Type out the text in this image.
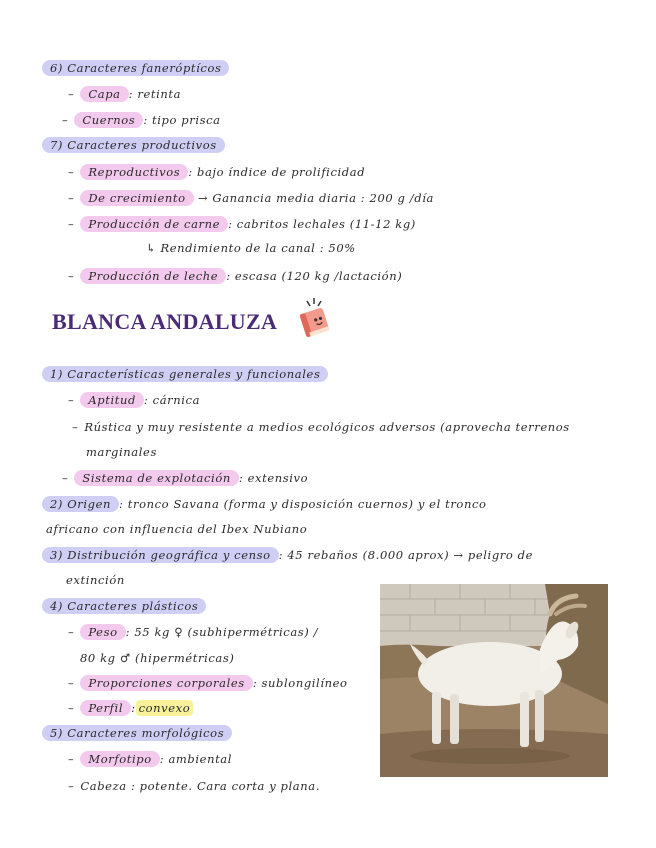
6) Caracteres faneróptícos
– Capa : retinta
– Cuernos : tipo prisca
7) Caracteres productivos
– Reproductivos : bajo índice de prolificidad
– De crecimiento → Ganancia media diaria : 200 g /día
– Producción de carne : cabritos lechales (11-12 kg)
↳ Rendimiento de la canal : 50%
– Producción de leche : escasa (120 kg /lactación)
BLANCA ANDALUZA
1) Características generales y funcionales
– Aptitud : cárnica
– Rústica y muy resistente a medios ecológicos adversos (aprovecha terrenos
marginales
– Sistema de explotación : extensivo
2) Origen : tronco Savana (forma y disposición cuernos) y el tronco
africano con influencia del Ibex Nubiano
3) Distribución geográfica y censo : 45 rebaños (8.000 aprox) → peligro de
extinción
4) Caracteres plásticos
– Peso : 55 kg ♀ (subhipermétricas) /
80 kg ♂ (hipermétricas)
– Proporciones corporales : sublongilíneo
– Perfil : convexo
5) Caracteres morfológicos
– Morfotipo : ambiental
– Cabeza : potente. Cara corta y plana.
